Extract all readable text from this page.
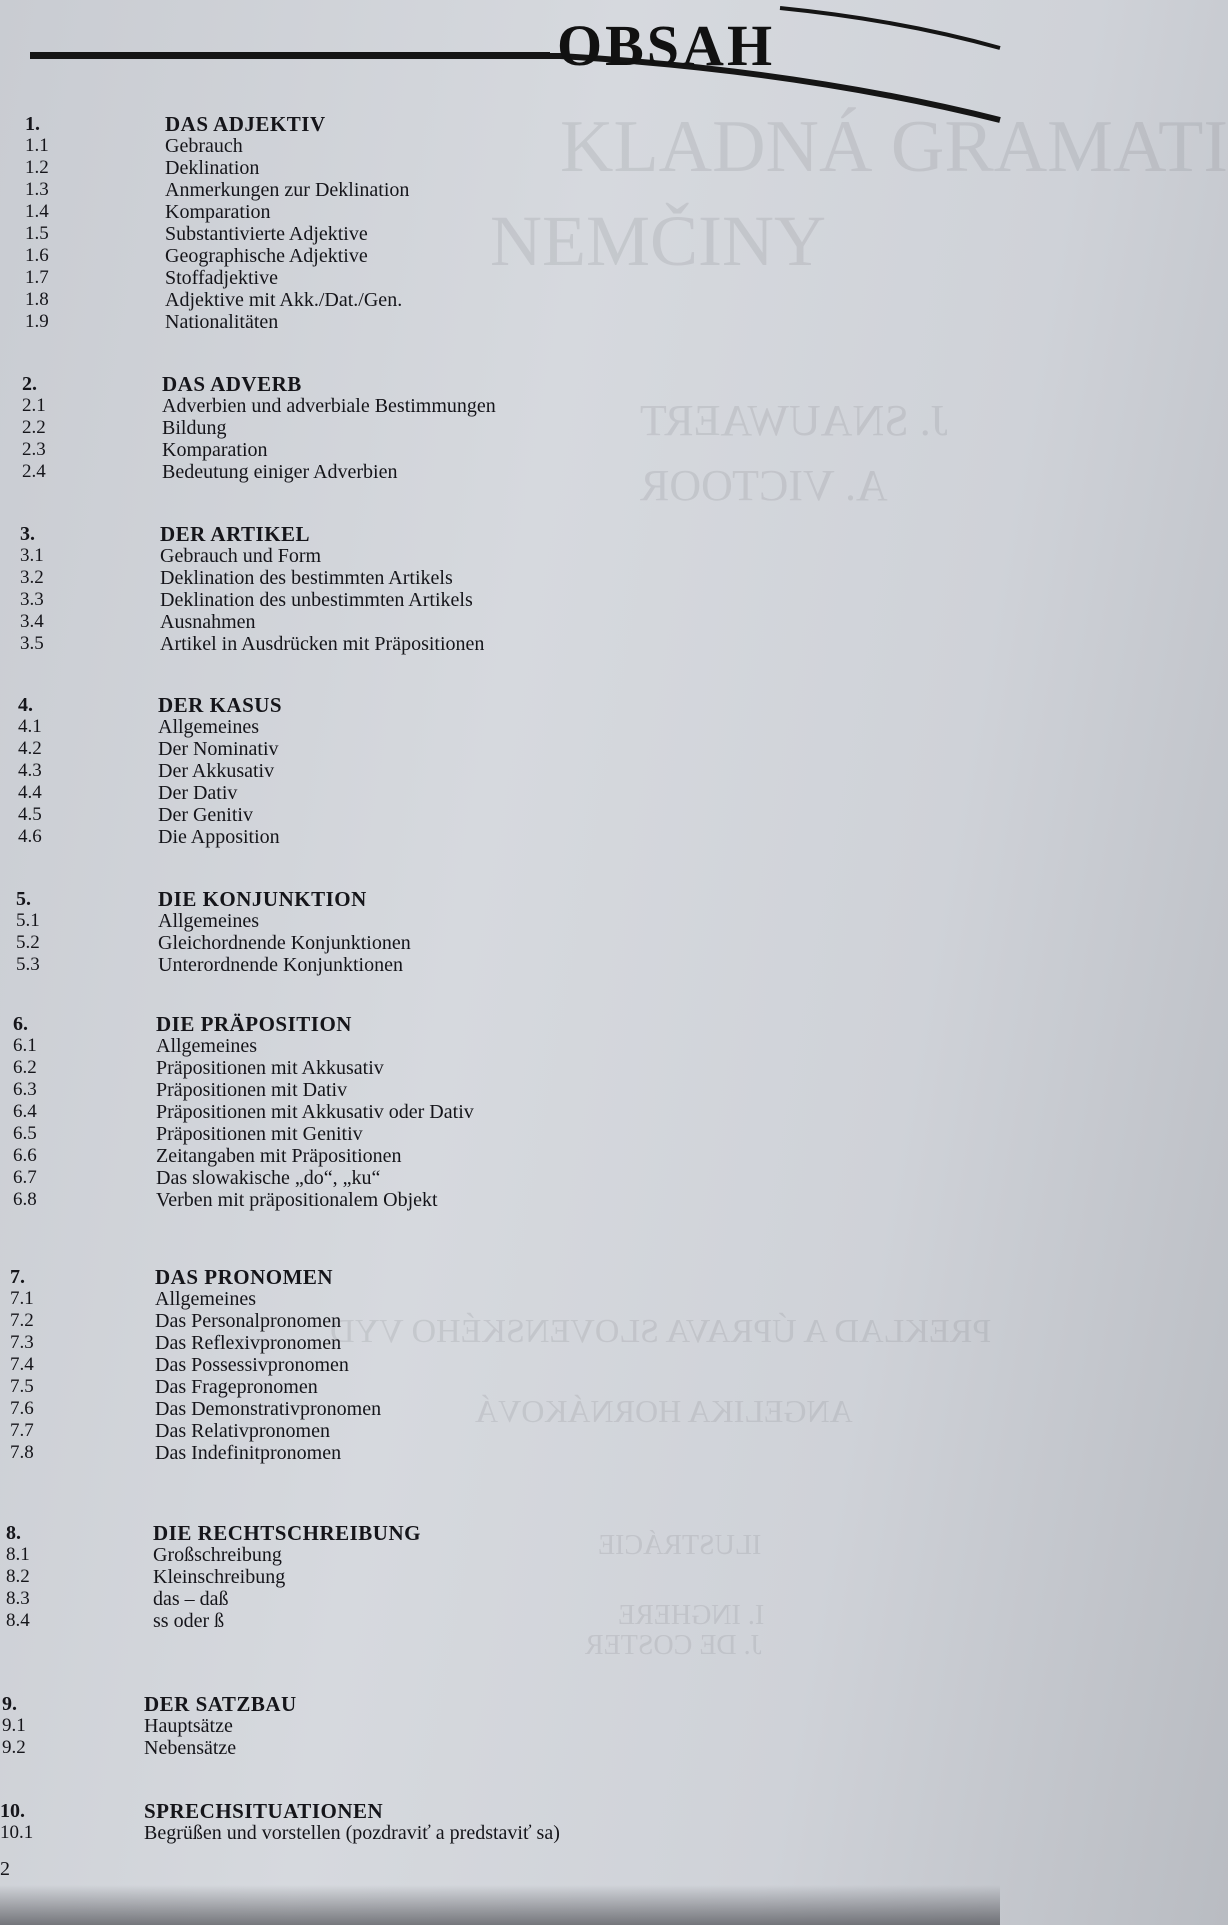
OBSAH
KLADNÁ GRAMATI
NEMČINY
J. SNAUWAERT
A. VICTOOR
PREKLAD A ÚPRAVA SLOVENSKÉHO VYD
ANGELIKA HORNÁKOVÁ
ILUSTRÁCIE
I. INGHERE
J. DE COSTER
1.	DAS ADJEKTIV
1.1	Gebrauch
1.2	Deklination
1.3	Anmerkungen zur Deklination
1.4	Komparation
1.5	Substantivierte Adjektive
1.6	Geographische Adjektive
1.7	Stoffadjektive
1.8	Adjektive mit Akk./Dat./Gen.
1.9	Nationalitäten
2.	DAS ADVERB
2.1	Adverbien und adverbiale Bestimmungen
2.2	Bildung
2.3	Komparation
2.4	Bedeutung einiger Adverbien
3.	DER ARTIKEL
3.1	Gebrauch und Form
3.2	Deklination des bestimmten Artikels
3.3	Deklination des unbestimmten Artikels
3.4	Ausnahmen
3.5	Artikel in Ausdrücken mit Präpositionen
4.	DER KASUS
4.1	Allgemeines
4.2	Der Nominativ
4.3	Der Akkusativ
4.4	Der Dativ
4.5	Der Genitiv
4.6	Die Apposition
5.	DIE KONJUNKTION
5.1	Allgemeines
5.2	Gleichordnende Konjunktionen
5.3	Unterordnende Konjunktionen
6.	DIE PRÄPOSITION
6.1	Allgemeines
6.2	Präpositionen mit Akkusativ
6.3	Präpositionen mit Dativ
6.4	Präpositionen mit Akkusativ oder Dativ
6.5	Präpositionen mit Genitiv
6.6	Zeitangaben mit Präpositionen
6.7	Das slowakische „do“, „ku“
6.8	Verben mit präpositionalem Objekt
7.	DAS PRONOMEN
7.1	Allgemeines
7.2	Das Personalpronomen
7.3	Das Reflexivpronomen
7.4	Das Possessivpronomen
7.5	Das Fragepronomen
7.6	Das Demonstrativpronomen
7.7	Das Relativpronomen
7.8	Das Indefinitpronomen
8.	DIE RECHTSCHREIBUNG
8.1	Großschreibung
8.2	Kleinschreibung
8.3	das – daß
8.4	ss oder ß
9.	DER SATZBAU
9.1	Hauptsätze
9.2	Nebensätze
10.	SPRECHSITUATIONEN
10.1	Begrüßen und vorstellen (pozdraviť a predstaviť sa)
2
